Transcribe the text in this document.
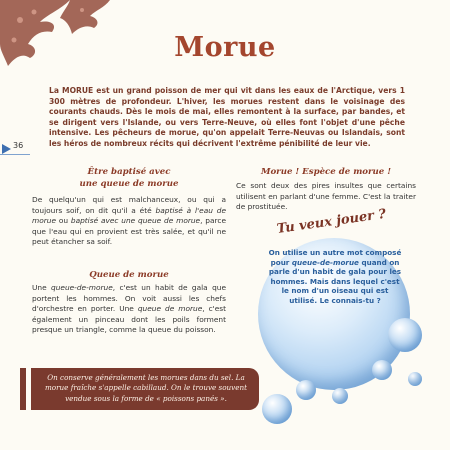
Morue
La MORUE est un grand poisson de mer qui vit dans les eaux de l'Arctique, vers 1 300 mètres de profondeur. L'hiver, les morues restent dans le voisinage des courants chauds. Dès le mois de mai, elles remontent à la surface, par bandes, et se dirigent vers l'Islande, ou vers Terre-Neuve, où elles font l'objet d'une pêche intensive. Les pêcheurs de morue, qu'on appelait Terre-Neuvas ou Islandais, sont les héros de nombreux récits qui décrivent l'extrême pénibilité de leur vie.
36
Être baptisé avec
une queue de morue
De quelqu'un qui est malchanceux, ou qui a toujours soif, on dit qu'il a été baptisé à l'eau de morue ou baptisé avec une queue de morue, parce que l'eau qui en provient est très salée, et qu'il ne peut étancher sa soif.
Queue de morue
Une queue-de-morue, c'est un habit de gala que portent les hommes. On voit aussi les chefs d'orchestre en porter. Une queue de morue, c'est également un pinceau dont les poils forment presque un triangle, comme la queue du poisson.
Morue ! Espèce de morue !
Ce sont deux des pires insultes que certains utilisent en parlant d'une femme. C'est la traiter de prostituée.
Tu veux jouer ?
On utilise un autre mot composé pour queue-de-morue quand on parle d'un habit de gala pour les hommes. Mais dans lequel c'est le nom d'un oiseau qui est utilisé. Le connais-tu ?
On conserve généralement les morues dans du sel. La morue fraîche s'appelle cabillaud. On le trouve souvent vendue sous la forme de « poissons panés ».
